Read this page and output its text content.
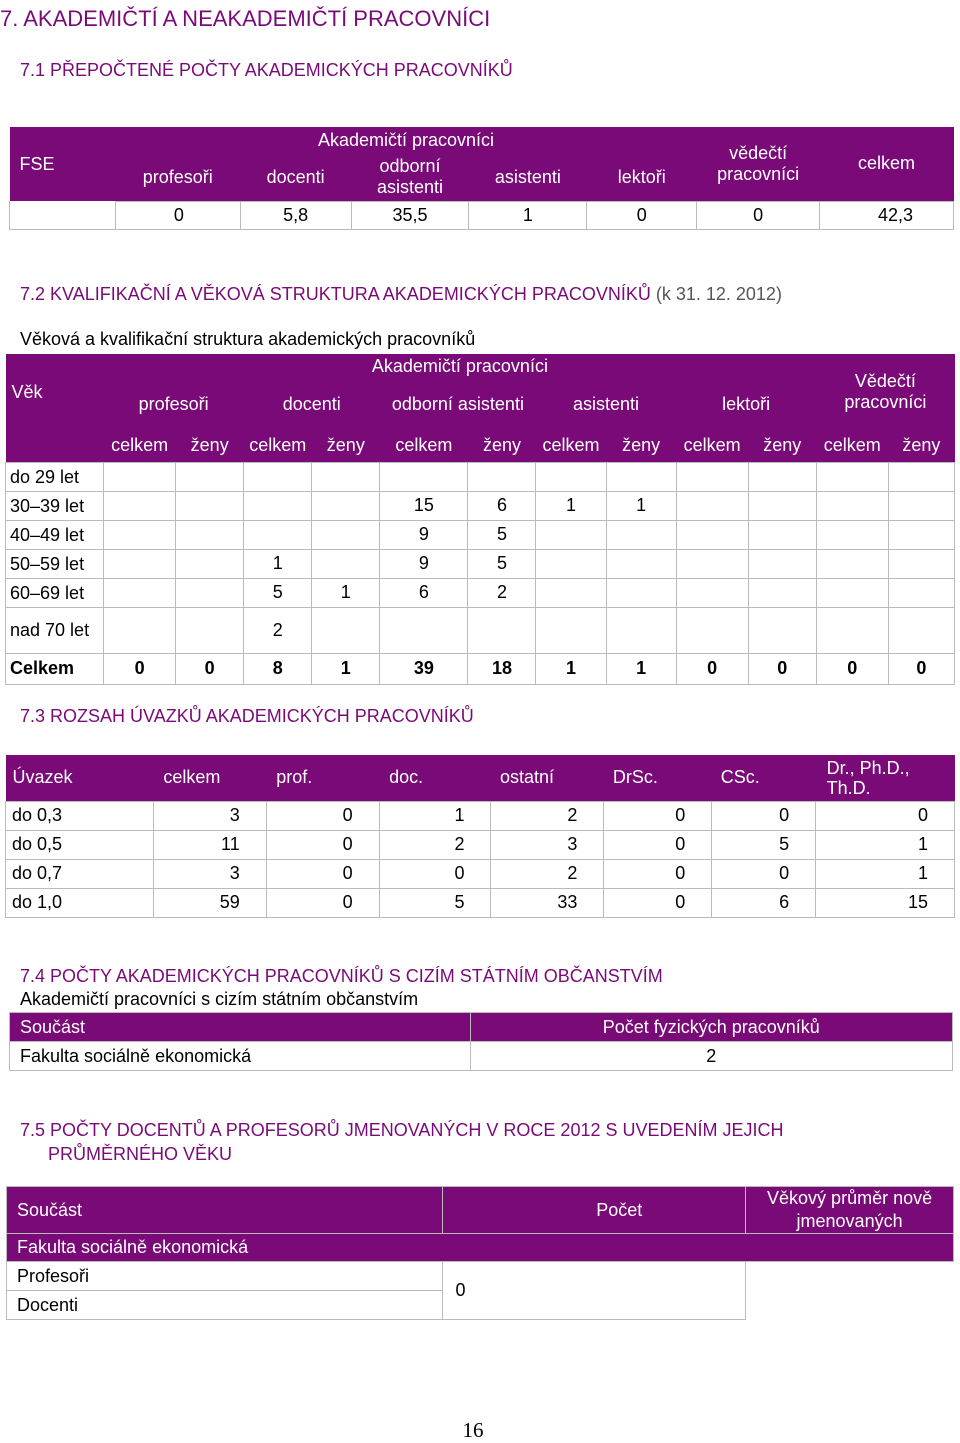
7. AKADEMIČTÍ A NEAKADEMIČTÍ PRACOVNÍCI
7.1 PŘEPOČTENÉ POČTY AKADEMICKÝCH PRACOVNÍKŮ
FSE	Akademičtí pracovníci					vědečtí pracovníci	celkem
	profesoři	docenti	odborní asistenti	asistenti	lektoři		
	0	5,8	35,5	1	0	0	42,3
7.2 KVALIFIKAČNÍ A VĚKOVÁ STRUKTURA AKADEMICKÝCH PRACOVNÍKŮ (k 31. 12. 2012)
Věková a kvalifikační struktura akademických pracovníků
Věk	Akademičtí pracovníci										Vědečtí pracovníci	
	profesoři		docenti		odborní asistenti		asistenti		lektoři			
	celkem	ženy	celkem	ženy	celkem	ženy	celkem	ženy	celkem	ženy	celkem	ženy
do 29 let												
30–39 let					15	6	1	1				
40–49 let					9	5						
50–59 let			1		9	5						
60–69 let			5	1	6	2						
nad 70 let			2									
Celkem	0	0	8	1	39	18	1	1	0	0	0	0
7.3 ROZSAH ÚVAZKŮ AKADEMICKÝCH PRACOVNÍKŮ
Úvazek	celkem	prof.	doc.	ostatní	DrSc.	CSc.	Dr., Ph.D., Th.D.
do 0,3	3	0	1	2	0	0	0
do 0,5	11	0	2	3	0	5	1
do 0,7	3	0	0	2	0	0	1
do 1,0	59	0	5	33	0	6	15
7.4 POČTY AKADEMICKÝCH PRACOVNÍKŮ S CIZÍM STÁTNÍM OBČANSTVÍM
Akademičtí pracovníci s cizím státním občanstvím
Součást	Počet fyzických pracovníků
Fakulta sociálně ekonomická	2
7.5 POČTY DOCENTŮ A PROFESORŮ JMENOVANÝCH V ROCE 2012 S UVEDENÍM JEJICH
PRŮMĚRNÉHO VĚKU
Součást	Počet	Věkový průměr nově jmenovaných
Fakulta sociálně ekonomická		
Profesoři	0	
Docenti		
16
